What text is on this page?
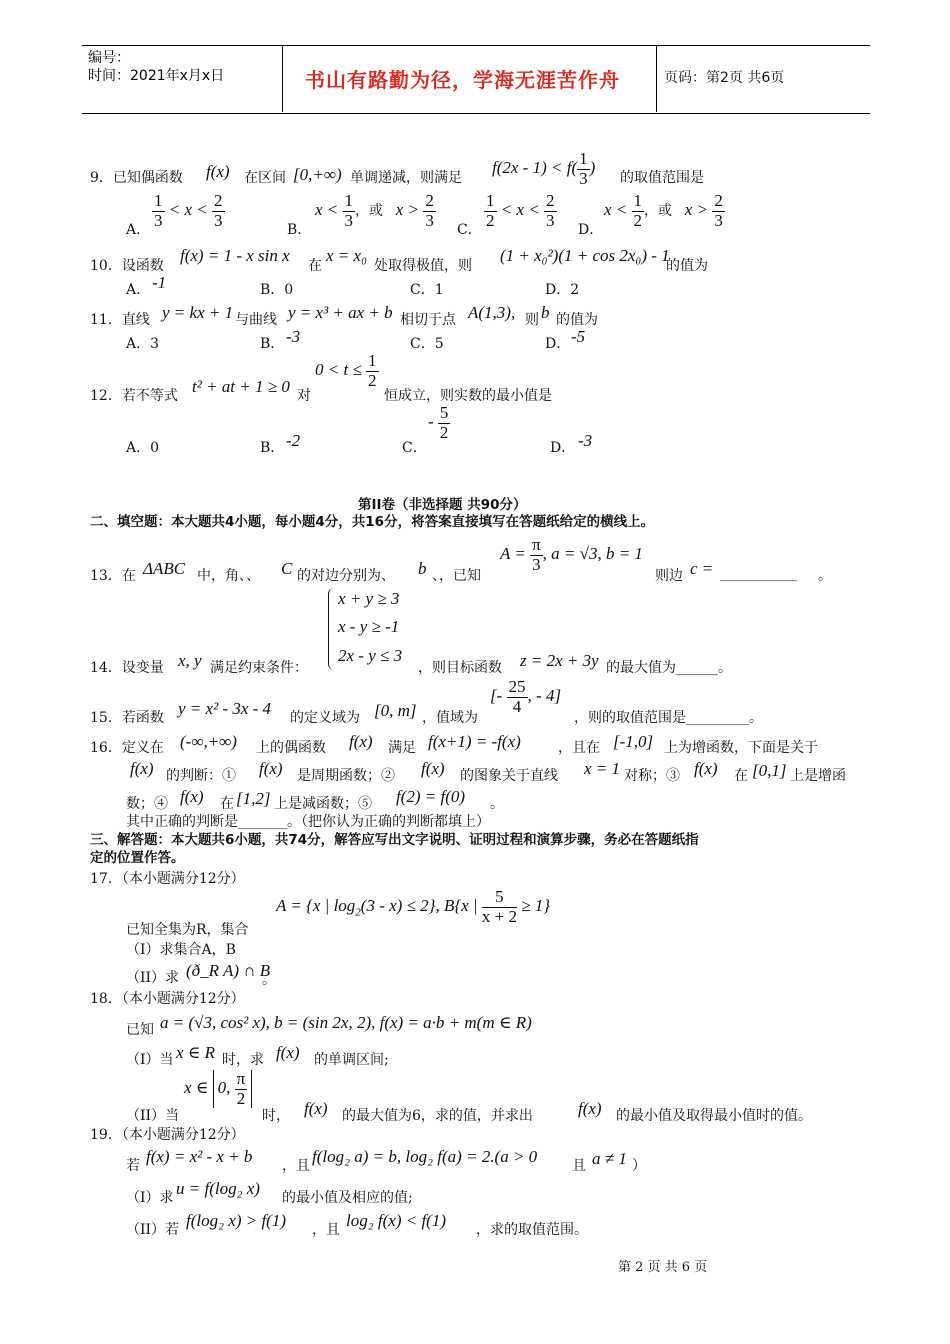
编号：
时间：2021年x月x日	书山有路勤为径，学海无涯苦作舟	页码：第2页 共6页
9．已知偶函数 f(x) 在区间 [0,+∞) 单调递减，则满足
$f(2x - 1) < f( \frac{1}{3}$ )
的取值范围是
A． $\frac{1}{3} < x < \frac{2}{3}$	B．
$x < \frac{1}{3}$ ，或   $x > \frac{2}{3}$ C． $\frac{1}{2} < x < \frac{2}{3}$ D．
$x < \frac{1}{2}$ ，或   $x > \frac{2}{3}$
10．设函数
f(x) = 1 - x sin x
在
x = x₀
处取得极值，则
(1 + x₀²)(1 + cos 2x₀) - 1
的值为
A． -1	B．0	C．1	D．2
11．直线 y = kx + 1 与曲线 y = x³ + ax + b 相切于点 A(1,3), 则 b 的值为
A．3	B． -3	C．5	D． -5
12．若不等式 t² + at + 1 ≥ 0 对
$0 < t \le \frac{1}{2}$
恒成立，则实数的最小值是
A．0	B． -2	C．
- $\frac{5}{2}$
D． -3
第II卷（非选择题 共90分）
二、填空题：本大题共4小题，每小题4分，共16分，将答案直接填写在答题纸给定的横线上。
13．在 ΔABC 中，角、、 C 的对边分别为、 b 、，已知
$A = \frac{\pi}{3}$ , a = √3, b = 1
则边 c = ___________ 。
x + y ≥ 3
x - y ≥ -1
2x - y ≤ 3
14．设变量 x, y 满足约束条件：	，则目标函数 z = 2x + 3y 的最大值为______。
15．若函数 y = x² - 3x - 4 的定义域为 [0, m] ，值域为
[- $\frac{25}{4}$ , - 4]
，则的取值范围是_________。
16．定义在 (-∞,+∞) 上的偶函数 f(x) 满足 f(x+1) = -f(x)	，且在 [-1,0] 上为增函数，下面是关于
f(x) 的判断：① f(x) 是周期函数；② f(x) 的图象关于直线 x = 1 对称；③ f(x) 在 [0,1] 上是增函
数；④ f(x) 在 [1,2] 上是减函数；⑤ f(2) = f(0) 。
其中正确的判断是_______。（把你认为正确的判断都填上）
三、解答题：本大题共6小题，共74分，解答应写出文字说明、证明过程和演算步骤，务必在答题纸指
定的位置作答。
17．（本小题满分12分）
A = {x | $\log_2(3 - x) \le 2$}, B{x | $\frac{5}{x + 2} \ge 1$}
已知全集为R，集合
（I）求集合A，B
（II）求 (ð_R A) ∩ B
。
18．（本小题满分12分）
已知 a = (√3, cos² x), b = (sin 2x, 2), f(x) = a·b + m(m ∈ R)
（I）当 x ∈ R 时，求 f(x) 的单调区间;
x ∈ 0, $\frac{\pi}{2}$
（II）当	时， f(x) 的最大值为6，求的值，并求出	f(x) 的最小值及取得最小值时的值。
19．（本小题满分12分）
若 f(x) = x² - x + b ，且 f(log₂ a) = b, log₂ f(a) = 2.(a > 0 且 a ≠ 1 ）
（I）求 u = f(log₂ x) 的最小值及相应的值;
（II）若 f(log₂ x) > f(1) ，且 log₂ f(x) < f(1) ，求的取值范围。
第 2 页 共 6 页
